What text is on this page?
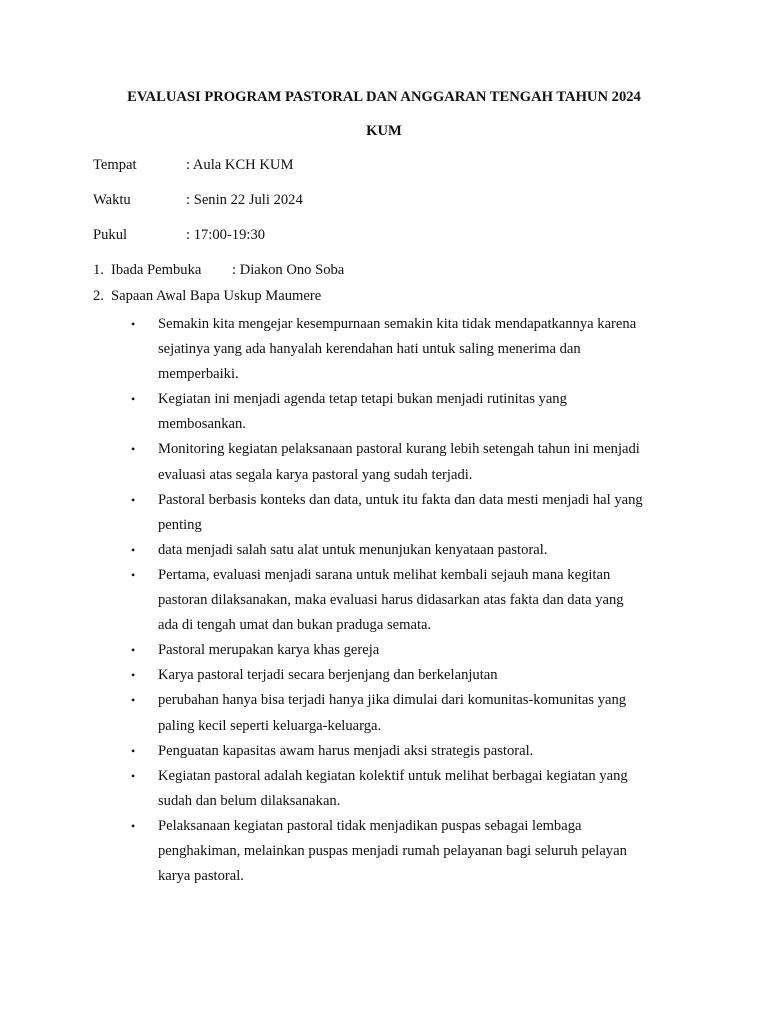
EVALUASI PROGRAM PASTORAL DAN ANGGARAN TENGAH TAHUN 2024
KUM
Tempat	: Aula KCH KUM
Waktu	: Senin 22 Juli 2024
Pukul	: 17:00-19:30
1. Ibada Pembuka : Diakon Ono Soba
2. Sapaan Awal Bapa Uskup Maumere
• Semakin kita mengejar kesempurnaan semakin kita tidak mendapatkannya karena
sejatinya yang ada hanyalah kerendahan hati untuk saling menerima dan
memperbaiki.
• Kegiatan ini menjadi agenda tetap tetapi bukan menjadi rutinitas yang
membosankan.
• Monitoring kegiatan pelaksanaan pastoral kurang lebih setengah tahun ini menjadi
evaluasi atas segala karya pastoral yang sudah terjadi.
• Pastoral berbasis konteks dan data, untuk itu fakta dan data mesti menjadi hal yang
penting
• data menjadi salah satu alat untuk menunjukan kenyataan pastoral.
• Pertama, evaluasi menjadi sarana untuk melihat kembali sejauh mana kegitan
pastoran dilaksanakan, maka evaluasi harus didasarkan atas fakta dan data yang
ada di tengah umat dan bukan praduga semata.
• Pastoral merupakan karya khas gereja
• Karya pastoral terjadi secara berjenjang dan berkelanjutan
• perubahan hanya bisa terjadi hanya jika dimulai dari komunitas-komunitas yang
paling kecil seperti keluarga-keluarga.
• Penguatan kapasitas awam harus menjadi aksi strategis pastoral.
• Kegiatan pastoral adalah kegiatan kolektif untuk melihat berbagai kegiatan yang
sudah dan belum dilaksanakan.
• Pelaksanaan kegiatan pastoral tidak menjadikan puspas sebagai lembaga
penghakiman, melainkan puspas menjadi rumah pelayanan bagi seluruh pelayan
karya pastoral.
